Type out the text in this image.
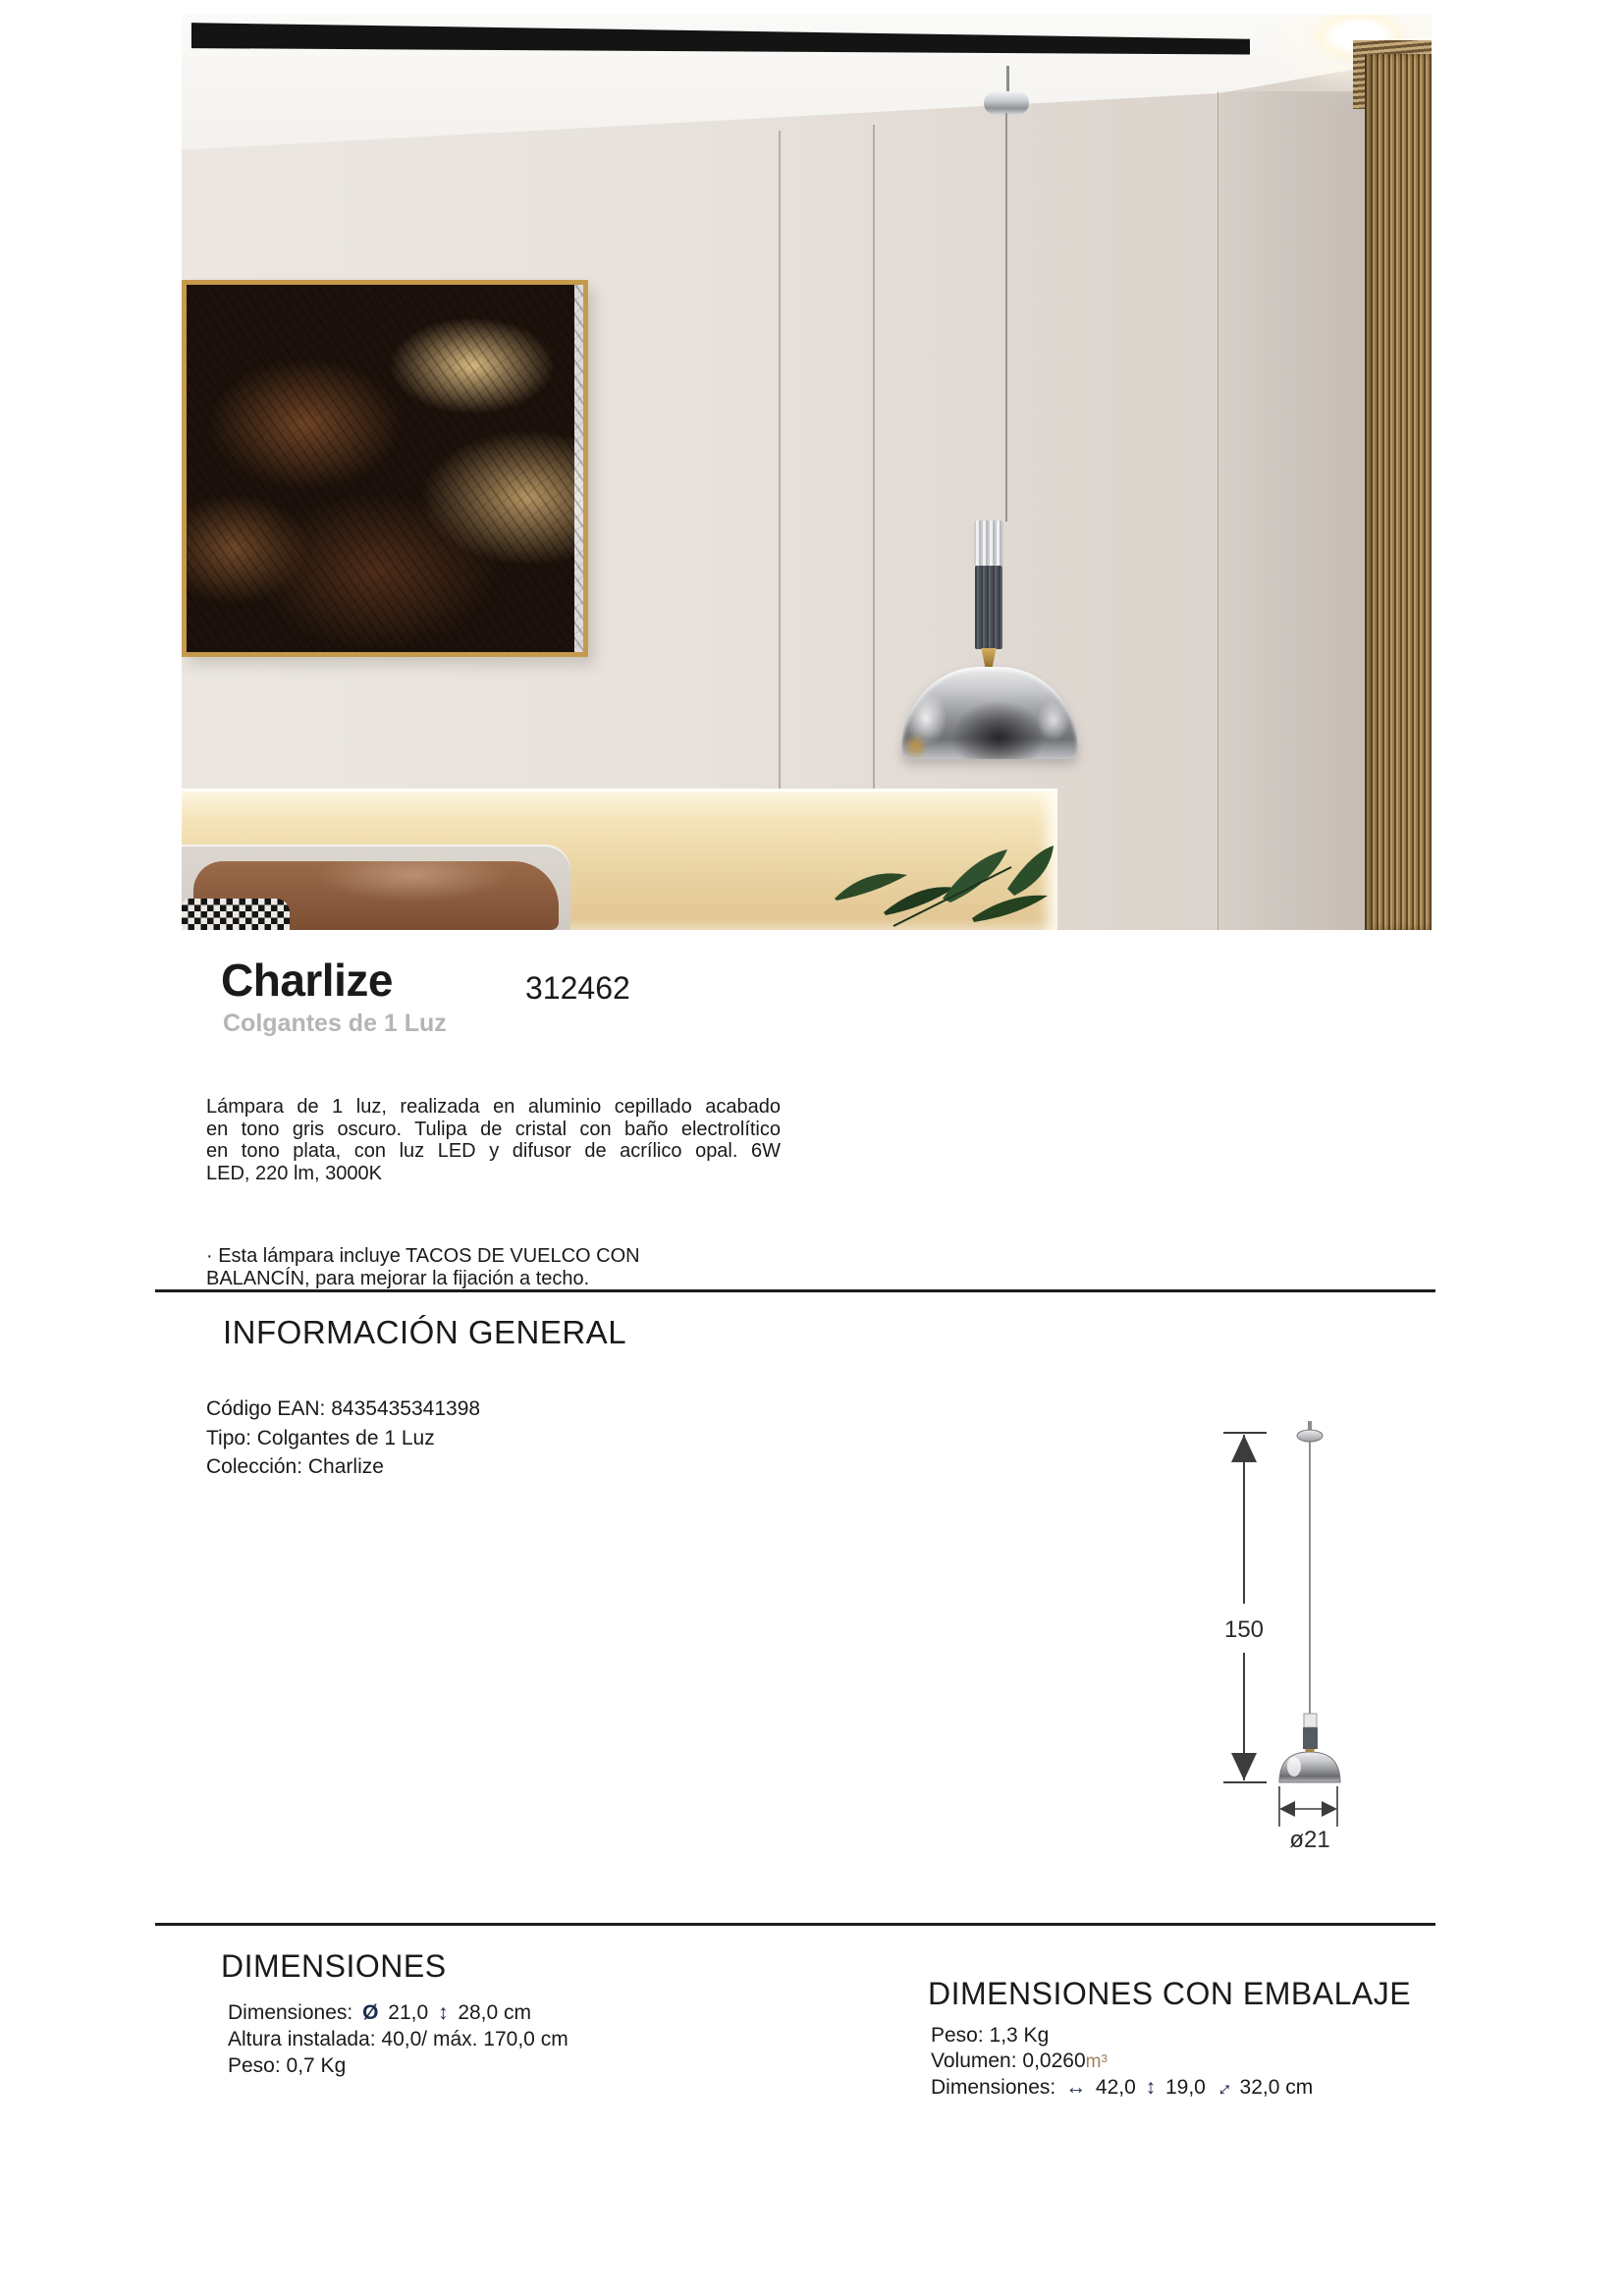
Charlize	312462
Colgantes de 1 Luz
Lámpara de 1 luz, realizada en aluminio cepillado acabado
en tono gris oscuro. Tulipa de cristal con baño electrolítico
en tono plata, con luz LED y difusor de acrílico opal. 6W
LED, 220 lm, 3000K
· Esta lámpara incluye TACOS DE VUELCO CON
BALANCÍN, para mejorar la fijación a techo.
INFORMACIÓN GENERAL
Código EAN: 8435435341398
Tipo: Colgantes de 1 Luz
Colección: Charlize
150
ø21
DIMENSIONES
Dimensiones: Ø 21,0 ↕ 28,0 cm
Altura instalada: 40,0/ máx. 170,0 cm
Peso: 0,7 Kg
DIMENSIONES CON EMBALAJE
Peso: 1,3 Kg
Volumen: 0,0260m³
Dimensiones: ↔ 42,0 ↕ 19,0 ↔ 32,0 cm
